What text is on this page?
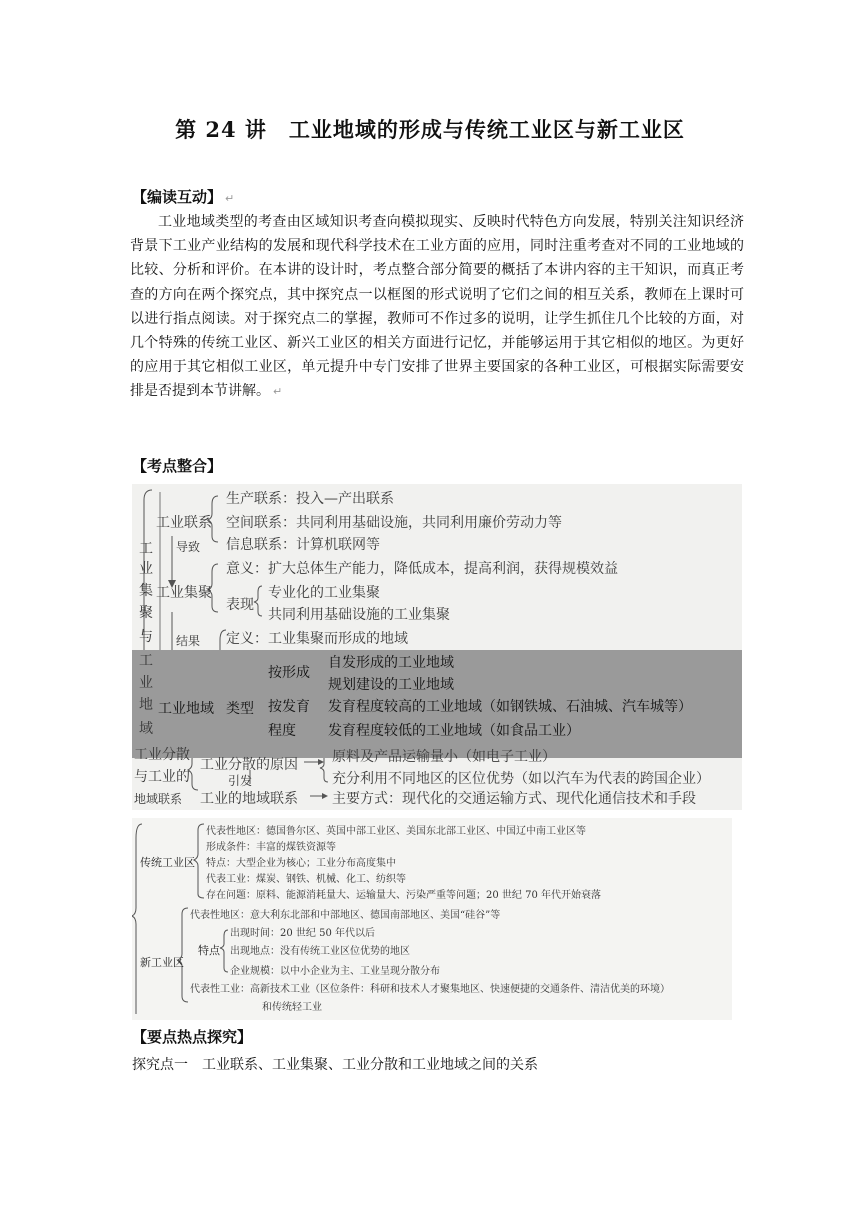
第 24 讲　工业地域的形成与传统工业区与新工业区
【编读互动】 ↵
工业地域类型的考查由区域知识考查向模拟现实、反映时代特色方向发展，特别关注知识经济背景下工业产业结构的发展和现代科学技术在工业方面的应用，同时注重考查对不同的工业地域的比较、分析和评价。在本讲的设计时，考点整合部分简要的概括了本讲内容的主干知识，而真正考查的方向在两个探究点，其中探究点一以框图的形式说明了它们之间的相互关系，教师在上课时可以进行指点阅读。对于探究点二的掌握，教师可不作过多的说明，让学生抓住几个比较的方面，对几个特殊的传统工业区、新兴工业区的相关方面进行记忆，并能够运用于其它相似的地区。为更好的应用于其它相似工业区，单元提升中专门安排了世界主要国家的各种工业区，可根据实际需要安排是否提到本节讲解。 ↵
【考点整合】
工
业
集
聚
与
工
业
地
域
工业联系
导致
工业集聚
结果
工业地域
生产联系：投入—产出联系
空间联系：共同利用基础设施，共同利用廉价劳动力等
信息联系：计算机联网等
意义：扩大总体生产能力，降低成本，提高利润，获得规模效益
表现
专业化的工业集聚
共同利用基础设施的工业集聚
定义：工业集聚而形成的地域
类型
按形成
自发形成的工业地域
规划建设的工业地域
按发育
程度
发育程度较高的工业地域（如钢铁城、石油城、汽车城等）
发育程度较低的工业地域（如食品工业）
工业分散
与工业的
地域联系
工业分散的原因
引发
原料及产品运输量小（如电子工业）
充分利用不同地区的区位优势（如以汽车为代表的跨国企业）
工业的地域联系 主要方式：现代化的交通运输方式、现代化通信技术和手段
传统工业区
代表性地区：德国鲁尔区、英国中部工业区、美国东北部工业区、中国辽中南工业区等
形成条件：丰富的煤铁资源等
特点：大型企业为核心；工业分布高度集中
代表工业：煤炭、钢铁、机械、化工、纺织等
存在问题：原料、能源消耗量大、运输量大、污染严重等问题；20 世纪 70 年代开始衰落
新工业区
代表性地区：意大利东北部和中部地区、德国南部地区、美国“硅谷”等
特点
出现时间：20 世纪 50 年代以后
出现地点：没有传统工业区位优势的地区
企业规模：以中小企业为主、工业呈现分散分布
代表性工业：高新技术工业（区位条件：科研和技术人才聚集地区、快速便捷的交通条件、清洁优美的环境）
和传统轻工业
【要点热点探究】
探究点一 工业联系、工业集聚、工业分散和工业地域之间的关系
